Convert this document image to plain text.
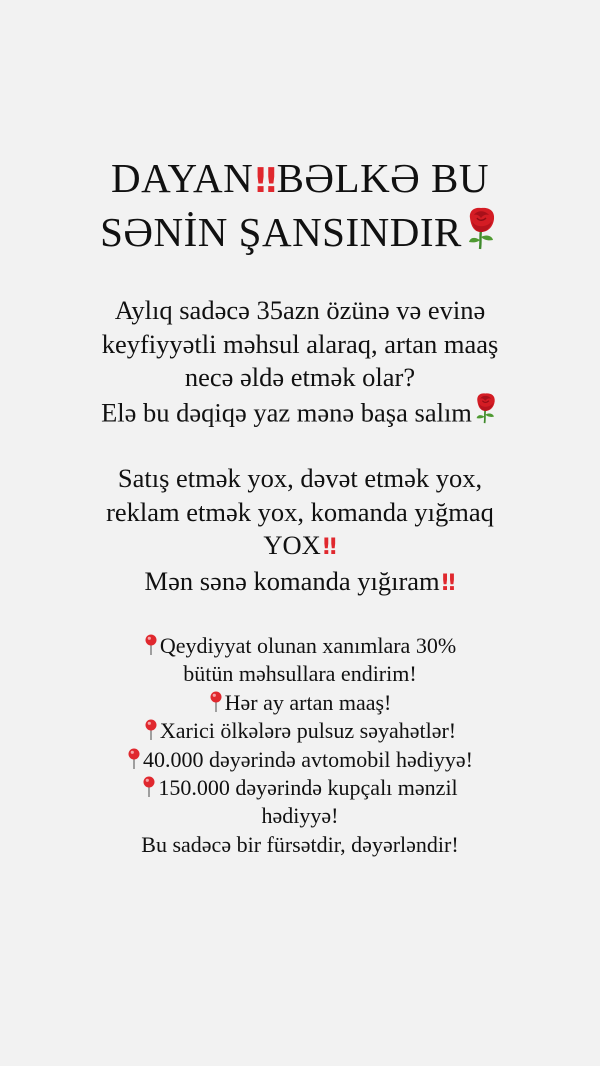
DAYAN‼BƏLKƏ BU
SƏNİN ŞANSINDIR
Aylıq sadəcə 35azn özünə və evinə
keyfiyyətli məhsul alaraq, artan maaş
necə əldə etmək olar?
Elə bu dəqiqə yaz mənə başa salım
Satış etmək yox, dəvət etmək yox,
reklam etmək yox, komanda yığmaq
YOX‼
Mən sənə komanda yığıram‼
Qeydiyyat olunan xanımlara 30%
bütün məhsullara endirim!
Hər ay artan maaş!
Xarici ölkələrə pulsuz səyahətlər!
40.000 dəyərində avtomobil hədiyyə!
150.000 dəyərində kupçalı mənzil
hədiyyə!
Bu sadəcə bir fürsətdir, dəyərləndir!
